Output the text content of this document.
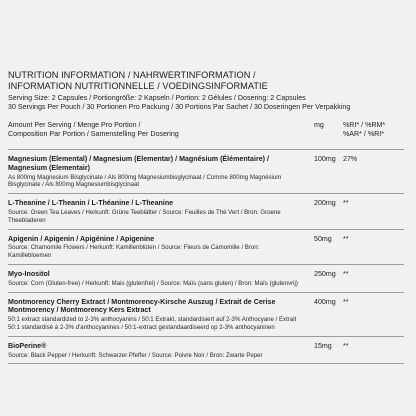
NUTRITION INFORMATION / NAHRWERTINFORMATION /
INFORMATION NUTRITIONNELLE / VOEDINGSINFORMATIE
Serving Size: 2 Capsules / Portiongröße: 2 Kapseln / Portion: 2 Gélules / Dosering: 2 Capsules
30 Servings Per Pouch / 30 Portionen Pro Packung / 30 Portions Par Sachet / 30 Doseringen Per Verpakking
Amount Per Serving / Menge Pro Portion /
Composition Par Portion / Samenstelling Per Dosering
mg	%RI* / %RM*
%AR* / %RI*
Magnesium (Elemental) / Magnesium (Elementar) / Magnésium (Élémentaire) / Magnesium (Elementair)
As 800mg Magnesium Bisglycinate / Als 800mg Magnesiumbisglycinaat / Comme 800mg Magnésium Bisglycinate / Als 800mg Magnesiumbisglycinaat
100mg 27%
L-Theanine / L-Theanin / L-Théanine / L-Theanine
Source: Green Tea Leaves / Herkunft: Grüne Teeblätter / Source: Feuilles de Thé Vert / Bron: Groene Theebladeren
200mg **
Apigenin / Apigenin / Apigénine / Apigenine
Source: Chamomile Flowers / Herkunft: Kamillenblüten / Source: Fleurs de Camomille / Bron: Kamillebloemen
50mg **
Myo-Inositol
Source: Corn (Gluten-free) / Herkunft: Mais (glutenfrei) / Source: Maïs (sans gluten) / Bron: Maïs (glutenvrij)
250mg **
Montmorency Cherry Extract / Montmorency-Kirsche Auszug / Extrait de Cerise Montmorency / Montmorency Kers Extract
50:1 extract standardized to 2-3% anthocyanins / 50:1 Extrakt, standardisiert auf 2-3% Anthocyane / Extrait 50:1 standardisé à 2-3% d'anthocyanines / 50:1-extract gestandaardiseerd op 2-3% anthocyaninen
400mg **
BioPerine®
Source: Black Pepper / Herkunft: Schwarzer Pfeffer / Source: Poivre Noir / Bron: Zwarte Peper
15mg **
